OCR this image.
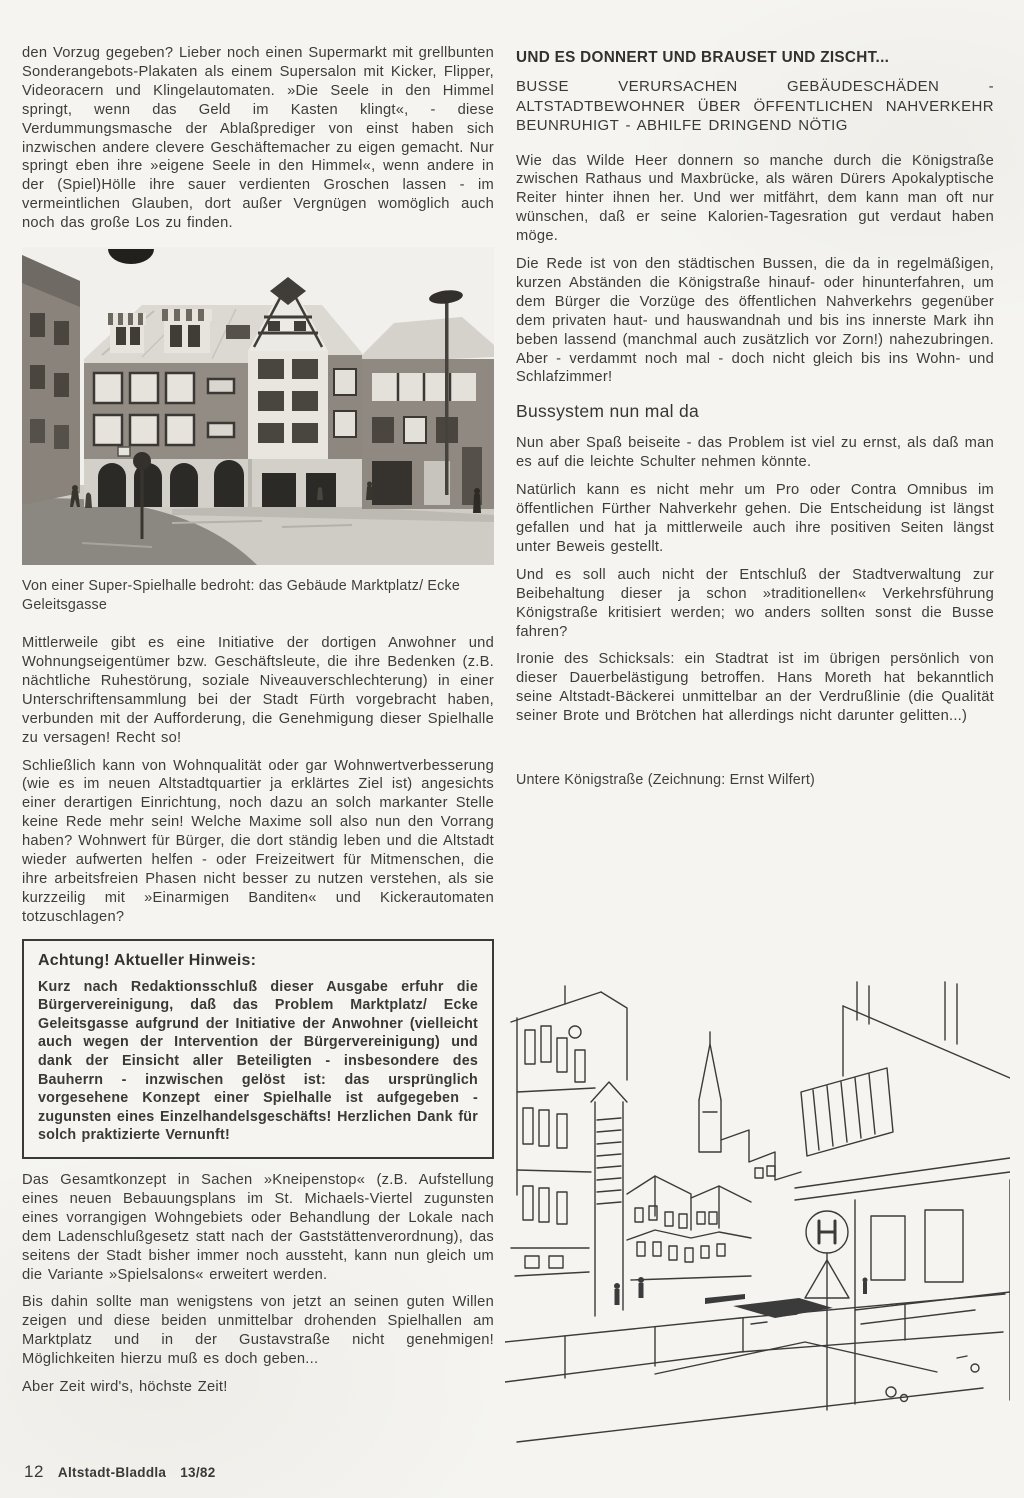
den Vorzug gegeben? Lieber noch einen Supermarkt mit grellbunten Sonderangebots-Plakaten als einem Supersalon mit Kicker, Flipper, Videoracern und Klingelautomaten. »Die Seele in den Himmel springt, wenn das Geld im Kasten klingt«, - diese Verdummungsmasche der Ablaßprediger von einst haben sich inzwischen andere clevere Geschäftemacher zu eigen gemacht. Nur springt eben ihre »eigene Seele in den Himmel«, wenn andere in der (Spiel)Hölle ihre sauer verdienten Groschen lassen - im vermeintlichen Glauben, dort außer Vergnügen womöglich auch noch das große Los zu finden.

Von einer Super-Spielhalle bedroht: das Gebäude Marktplatz/ Ecke Geleitsgasse

Mittlerweile gibt es eine Initiative der dortigen Anwohner und Wohnungseigentümer bzw. Geschäftsleute, die ihre Bedenken (z.B. nächtliche Ruhestörung, soziale Niveauverschlechterung) in einer Unterschriftensammlung bei der Stadt Fürth vorgebracht haben, verbunden mit der Aufforderung, die Genehmigung dieser Spielhalle zu versagen! Recht so!

Schließlich kann von Wohnqualität oder gar Wohnwertverbesserung (wie es im neuen Altstadtquartier ja erklärtes Ziel ist) angesichts einer derartigen Einrichtung, noch dazu an solch markanter Stelle keine Rede mehr sein! Welche Maxime soll also nun den Vorrang haben? Wohnwert für Bürger, die dort ständig leben und die Altstadt wieder aufwerten helfen - oder Freizeitwert für Mitmenschen, die ihre arbeitsfreien Phasen nicht besser zu nutzen verstehen, als sie kurzzeilig mit »Einarmigen Banditen« und Kickerautomaten totzuschlagen?

Achtung! Aktueller Hinweis:

Kurz nach Redaktionsschluß dieser Ausgabe erfuhr die Bürgervereinigung, daß das Problem Marktplatz/ Ecke Geleitsgasse aufgrund der Initiative der Anwohner (vielleicht auch wegen der Intervention der Bürgervereinigung) und dank der Einsicht aller Beteiligten - insbesondere des Bauherrn - inzwischen gelöst ist: das ursprünglich vorgesehene Konzept einer Spielhalle ist aufgegeben - zugunsten eines Einzelhandelsgeschäfts! Herzlichen Dank für solch praktizierte Vernunft!

Das Gesamtkonzept in Sachen »Kneipenstop« (z.B. Aufstellung eines neuen Bebauungsplans im St. Michaels-Viertel zugunsten eines vorrangigen Wohngebiets oder Behandlung der Lokale nach dem Ladenschlußgesetz statt nach der Gaststättenverordnung), das seitens der Stadt bisher immer noch aussteht, kann nun gleich um die Variante »Spielsalons« erweitert werden.

Bis dahin sollte man wenigstens von jetzt an seinen guten Willen zeigen und diese beiden unmittelbar drohenden Spielhallen am Marktplatz und in der Gustavstraße nicht genehmigen! Möglichkeiten hierzu muß es doch geben...

Aber Zeit wird's, höchste Zeit!

UND ES DONNERT UND BRAUSET UND ZISCHT...
BUSSE VERURSACHEN GEBÄUDESCHÄDEN - ALTSTADTBEWOHNER ÜBER ÖFFENTLICHEN NAHVERKEHR BEUNRUHIGT - ABHILFE DRINGEND NÖTIG

Wie das Wilde Heer donnern so manche durch die Königstraße zwischen Rathaus und Maxbrücke, als wären Dürers Apokalyptische Reiter hinter ihnen her. Und wer mitfährt, dem kann man oft nur wünschen, daß er seine Kalorien-Tagesration gut verdaut haben möge.

Die Rede ist von den städtischen Bussen, die da in regelmäßigen, kurzen Abständen die Königstraße hinauf- oder hinunterfahren, um dem Bürger die Vorzüge des öffentlichen Nahverkehrs gegenüber dem privaten haut- und hauswandnah und bis ins innerste Mark ihn beben lassend (manchmal auch zusätzlich vor Zorn!) nahezubringen. Aber - verdammt noch mal - doch nicht gleich bis ins Wohn- und Schlafzimmer!

Bussystem nun mal da

Nun aber Spaß beiseite - das Problem ist viel zu ernst, als daß man es auf die leichte Schulter nehmen könnte.

Natürlich kann es nicht mehr um Pro oder Contra Omnibus im öffentlichen Fürther Nahverkehr gehen. Die Entscheidung ist längst gefallen und hat ja mittlerweile auch ihre positiven Seiten längst unter Beweis gestellt.

Und es soll auch nicht der Entschluß der Stadtverwaltung zur Beibehaltung dieser ja schon »traditionellen« Verkehrsführung Königstraße kritisiert werden; wo anders sollten sonst die Busse fahren?

Ironie des Schicksals: ein Stadtrat ist im übrigen persönlich von dieser Dauerbelästigung betroffen. Hans Moreth hat bekanntlich seine Altstadt-Bäckerei unmittelbar an der Verdrußlinie (die Qualität seiner Brote und Brötchen hat allerdings nicht darunter gelitten...)

Untere Königstraße (Zeichnung: Ernst Wilfert)
12 Altstadt-Bladdla 13/82
